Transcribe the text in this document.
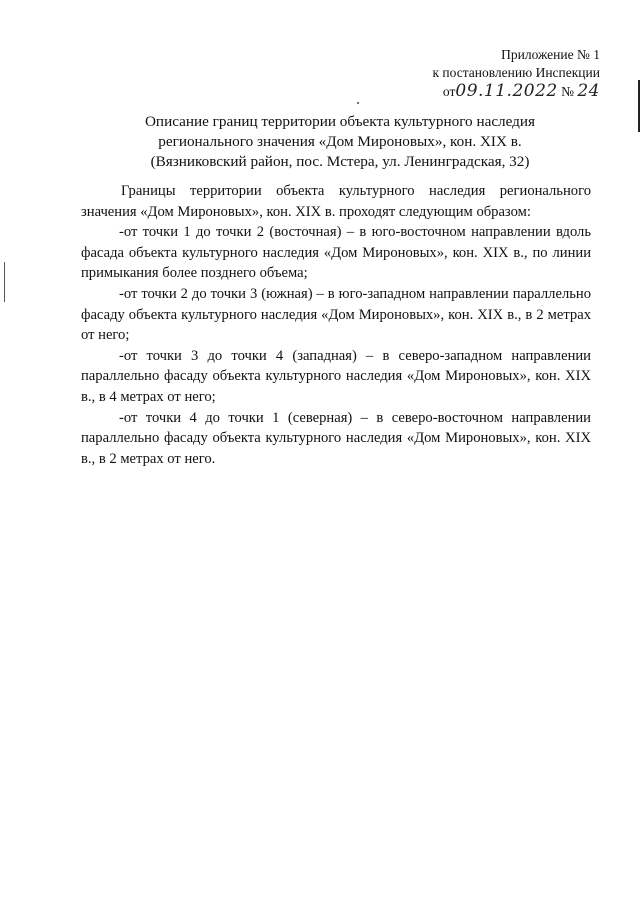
Приложение № 1
к постановлению Инспекции
от09.11.2022 № 24
Описание границ территории объекта культурного наследия
регионального значения «Дом Мироновых», кон. XIX в.
(Вязниковский район, пос. Мстера, ул. Ленинградская, 32)

Границы территории объекта культурного наследия регионального значения «Дом Мироновых», кон. XIX в. проходят следующим образом:

-от точки 1 до точки 2 (восточная) – в юго-восточном направлении вдоль фасада объекта культурного наследия «Дом Мироновых», кон. XIX в., по линии примыкания более позднего объема;

-от точки 2 до точки 3 (южная) – в юго-западном направлении параллельно фасаду объекта культурного наследия «Дом Мироновых», кон. XIX в., в 2 метрах от него;

-от точки 3 до точки 4 (западная) – в северо-западном направлении параллельно фасаду объекта культурного наследия «Дом Мироновых», кон. XIX в., в 4 метрах от него;

-от точки 4 до точки 1 (северная) – в северо-восточном направлении параллельно фасаду объекта культурного наследия «Дом Мироновых», кон. XIX в., в 2 метрах от него.
